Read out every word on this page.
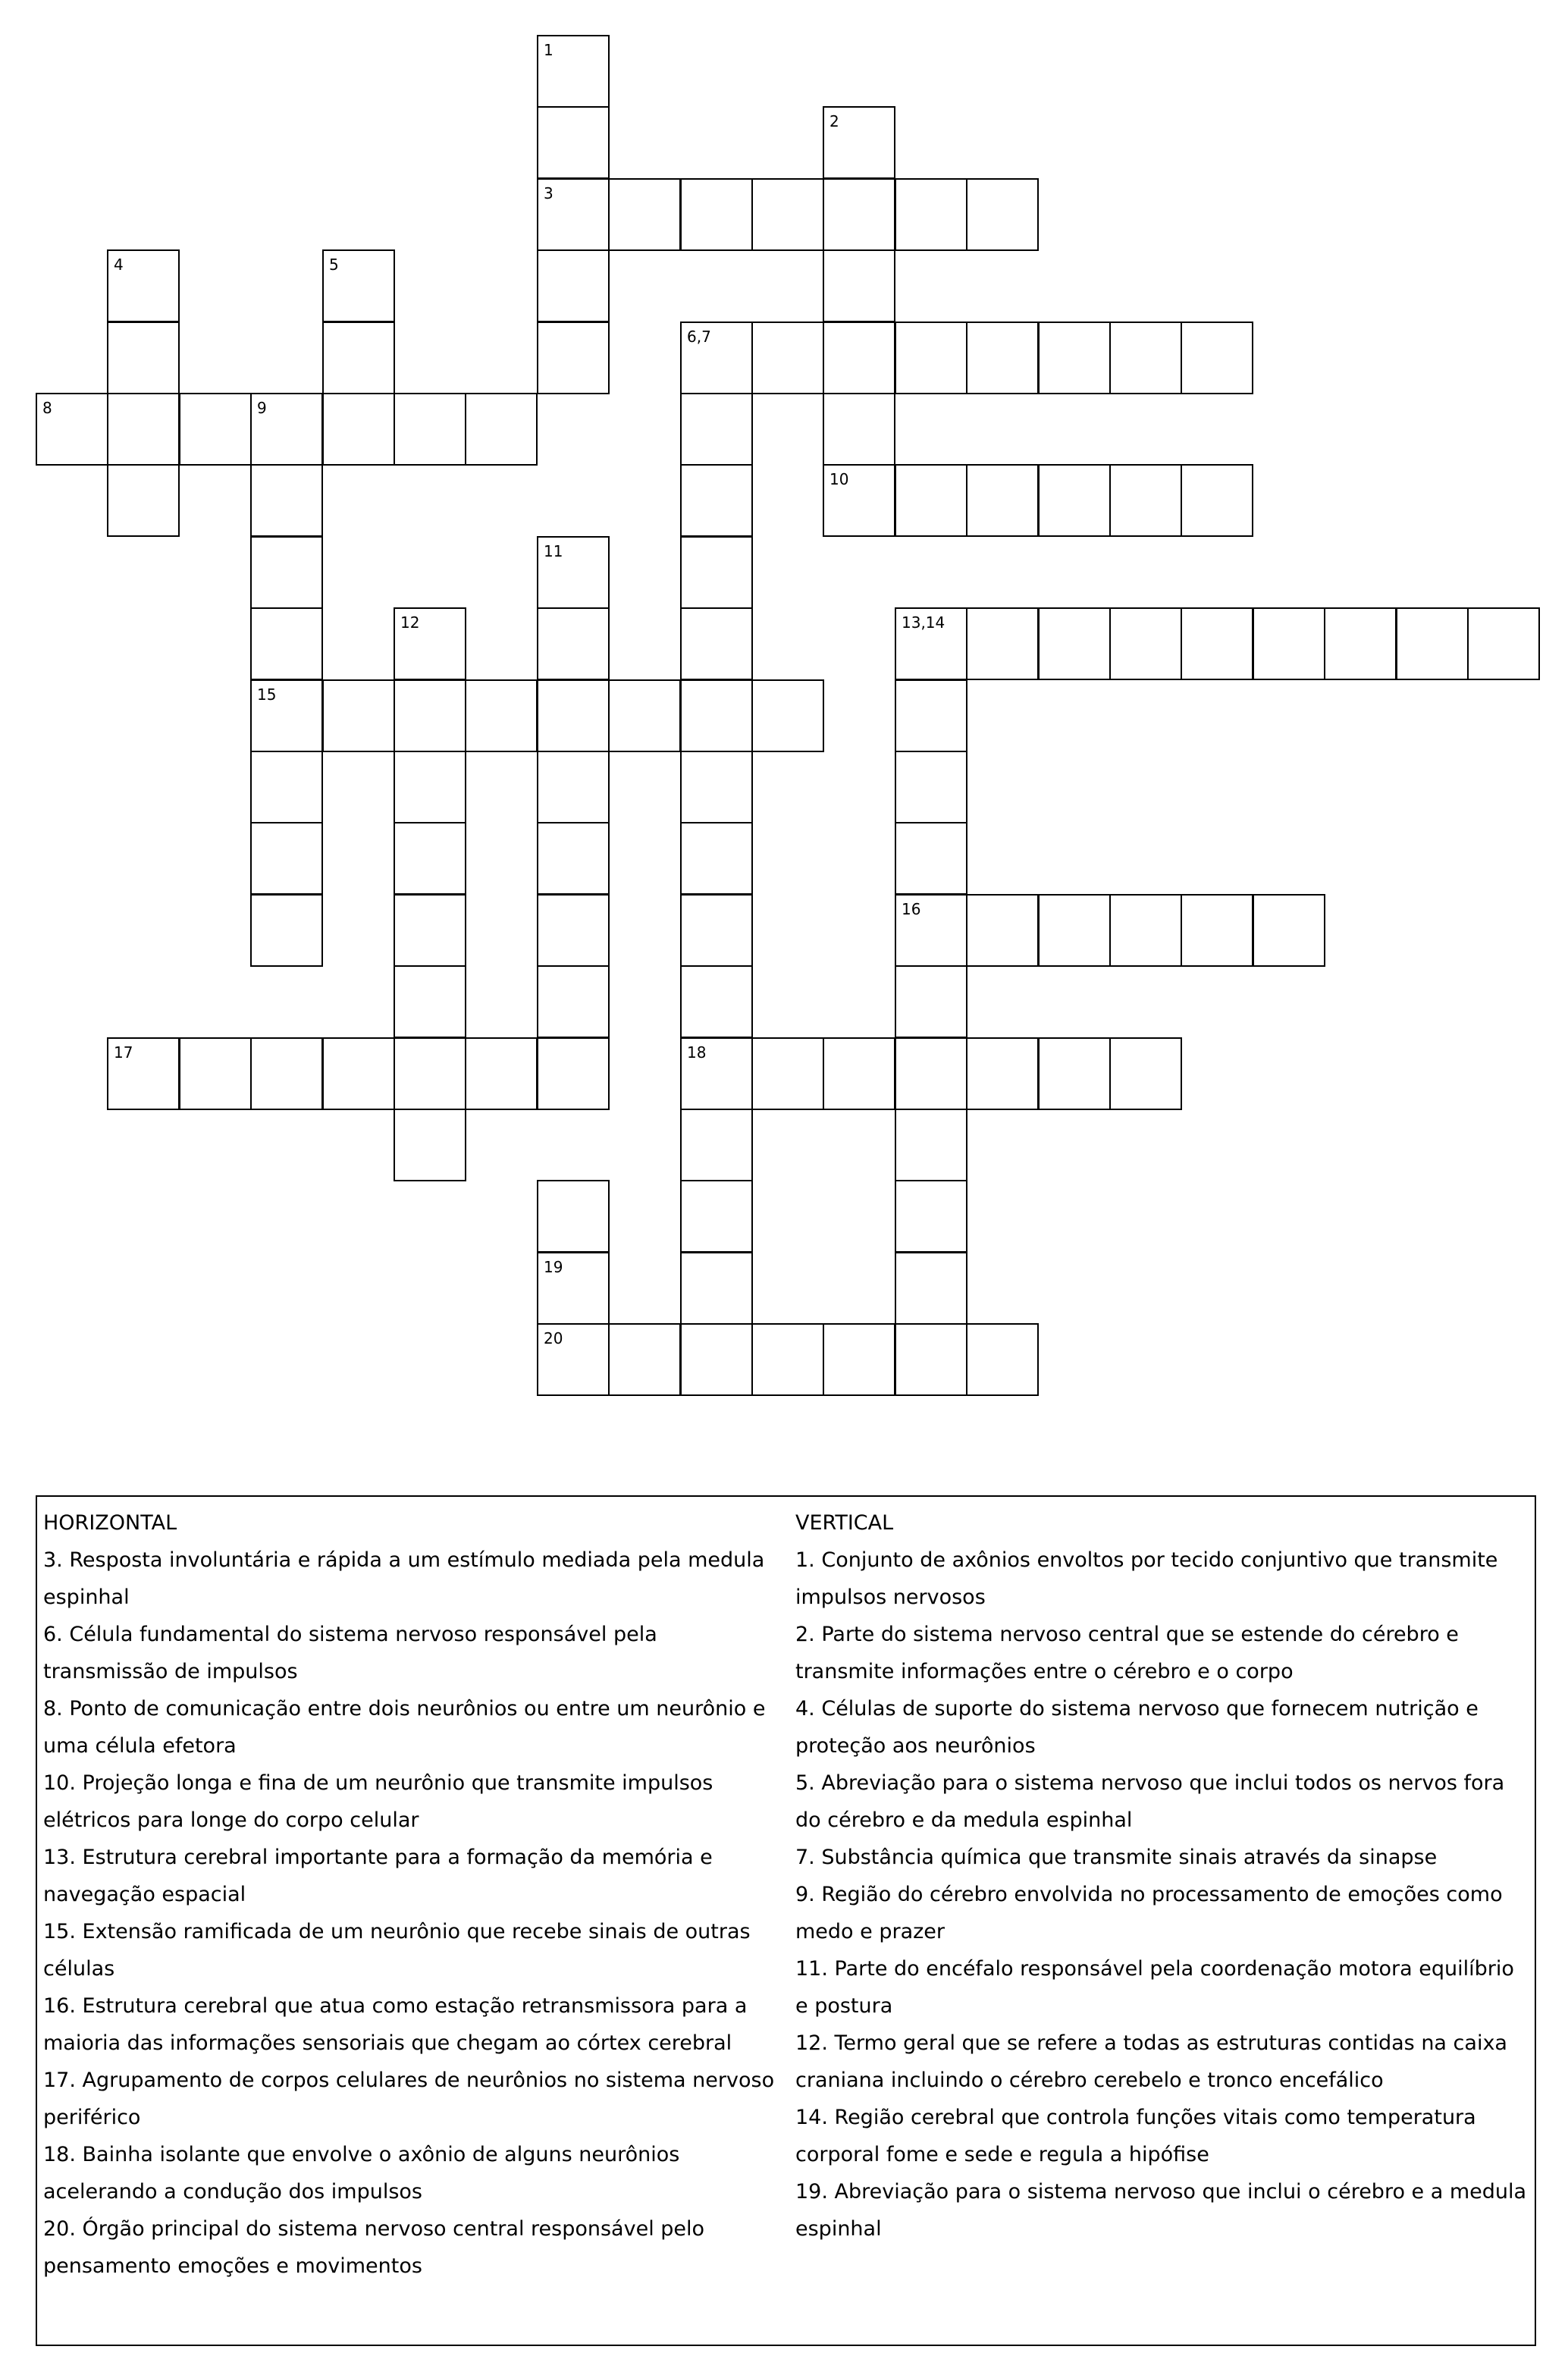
1
3
2
4	5
6,7
18
8	9
15
10
11
12	13,14
16
17
19
20

HORIZONTAL

3. Resposta involuntária e rápida a um estímulo mediada pela medula espinhal

6. Célula fundamental do sistema nervoso responsável pela transmissão de impulsos

8. Ponto de comunicação entre dois neurônios ou entre um neurônio e uma célula efetora

10. Projeção longa e fina de um neurônio que transmite impulsos elétricos para longe do corpo celular

13. Estrutura cerebral importante para a formação da memória e navegação espacial

15. Extensão ramificada de um neurônio que recebe sinais de outras células

16. Estrutura cerebral que atua como estação retransmissora para a maioria das informações sensoriais que chegam ao córtex cerebral

17. Agrupamento de corpos celulares de neurônios no sistema nervoso periférico

18. Bainha isolante que envolve o axônio de alguns neurônios acelerando a condução dos impulsos

20. Órgão principal do sistema nervoso central responsável pelo pensamento emoções e movimentos

VERTICAL

1. Conjunto de axônios envoltos por tecido conjuntivo que transmite impulsos nervosos

2. Parte do sistema nervoso central que se estende do cérebro e transmite informações entre o cérebro e o corpo

4. Células de suporte do sistema nervoso que fornecem nutrição e proteção aos neurônios

5. Abreviação para o sistema nervoso que inclui todos os nervos fora do cérebro e da medula espinhal

7. Substância química que transmite sinais através da sinapse

9. Região do cérebro envolvida no processamento de emoções como medo e prazer

11. Parte do encéfalo responsável pela coordenação motora equilíbrio e postura

12. Termo geral que se refere a todas as estruturas contidas na caixa craniana incluindo o cérebro cerebelo e tronco encefálico

14. Região cerebral que controla funções vitais como temperatura corporal fome e sede e regula a hipófise

19. Abreviação para o sistema nervoso que inclui o cérebro e a medula espinhal
